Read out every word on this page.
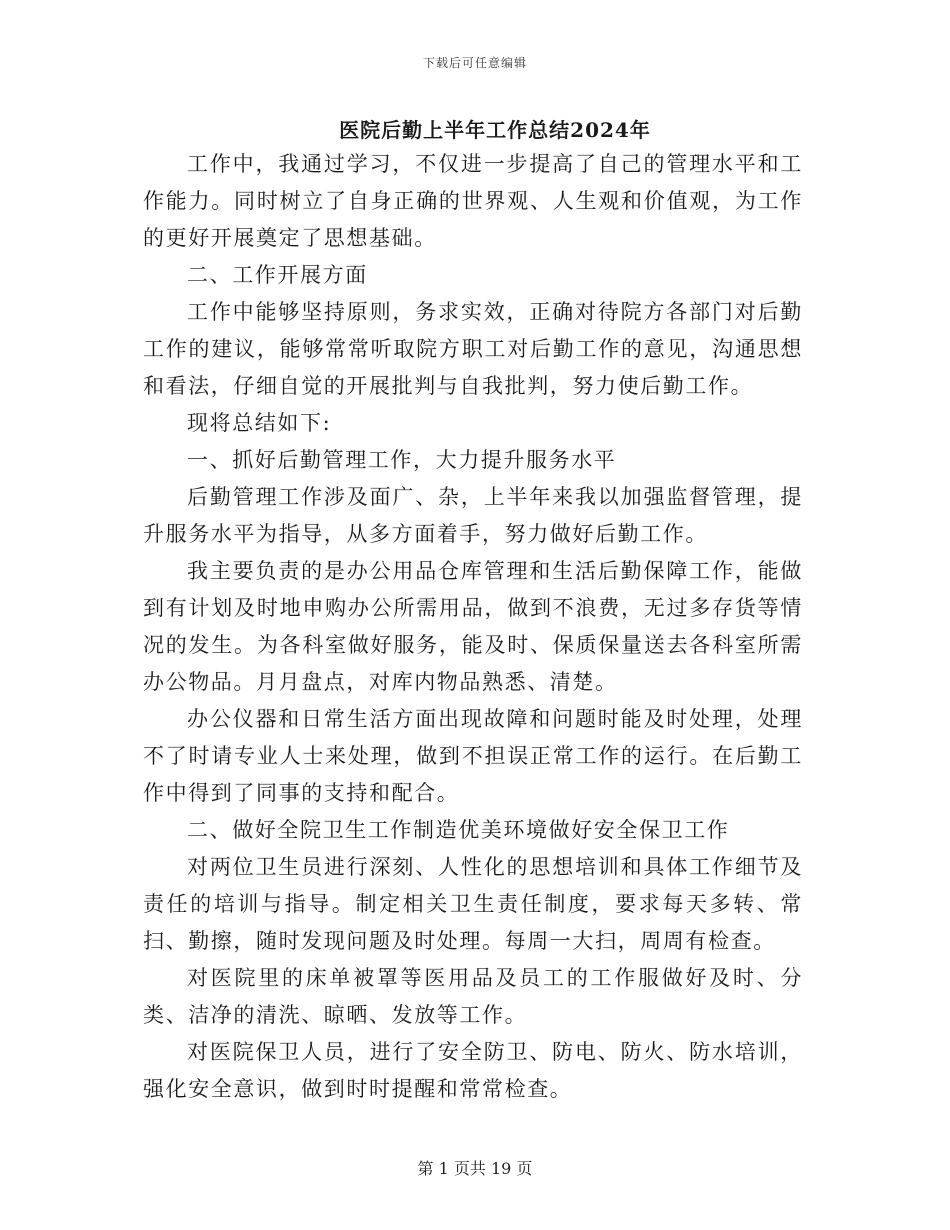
下载后可任意编辑
医院后勤上半年工作总结2024年

工作中，我通过学习，不仅进一步提高了自己的管理水平和工作能力。同时树立了自身正确的世界观、人生观和价值观，为工作的更好开展奠定了思想基础。

二、工作开展方面

工作中能够坚持原则，务求实效，正确对待院方各部门对后勤工作的建议，能够常常听取院方职工对后勤工作的意见，沟通思想和看法，仔细自觉的开展批判与自我批判，努力使后勤工作。

现将总结如下:

一、抓好后勤管理工作，大力提升服务水平

后勤管理工作涉及面广、杂，上半年来我以加强监督管理，提升服务水平为指导，从多方面着手，努力做好后勤工作。

我主要负责的是办公用品仓库管理和生活后勤保障工作，能做到有计划及时地申购办公所需用品，做到不浪费，无过多存货等情况的发生。为各科室做好服务，能及时、保质保量送去各科室所需办公物品。月月盘点，对库内物品熟悉、清楚。

办公仪器和日常生活方面出现故障和问题时能及时处理，处理不了时请专业人士来处理，做到不担误正常工作的运行。在后勤工作中得到了同事的支持和配合。

二、做好全院卫生工作制造优美环境做好安全保卫工作

对两位卫生员进行深刻、人性化的思想培训和具体工作细节及责任的培训与指导。制定相关卫生责任制度，要求每天多转、常扫、勤擦，随时发现问题及时处理。每周一大扫，周周有检查。

对医院里的床单被罩等医用品及员工的工作服做好及时、分类、洁净的清洗、晾晒、发放等工作。

对医院保卫人员，进行了安全防卫、防电、防火、防水培训，强化安全意识，做到时时提醒和常常检查。

第 1 页共 19 页
